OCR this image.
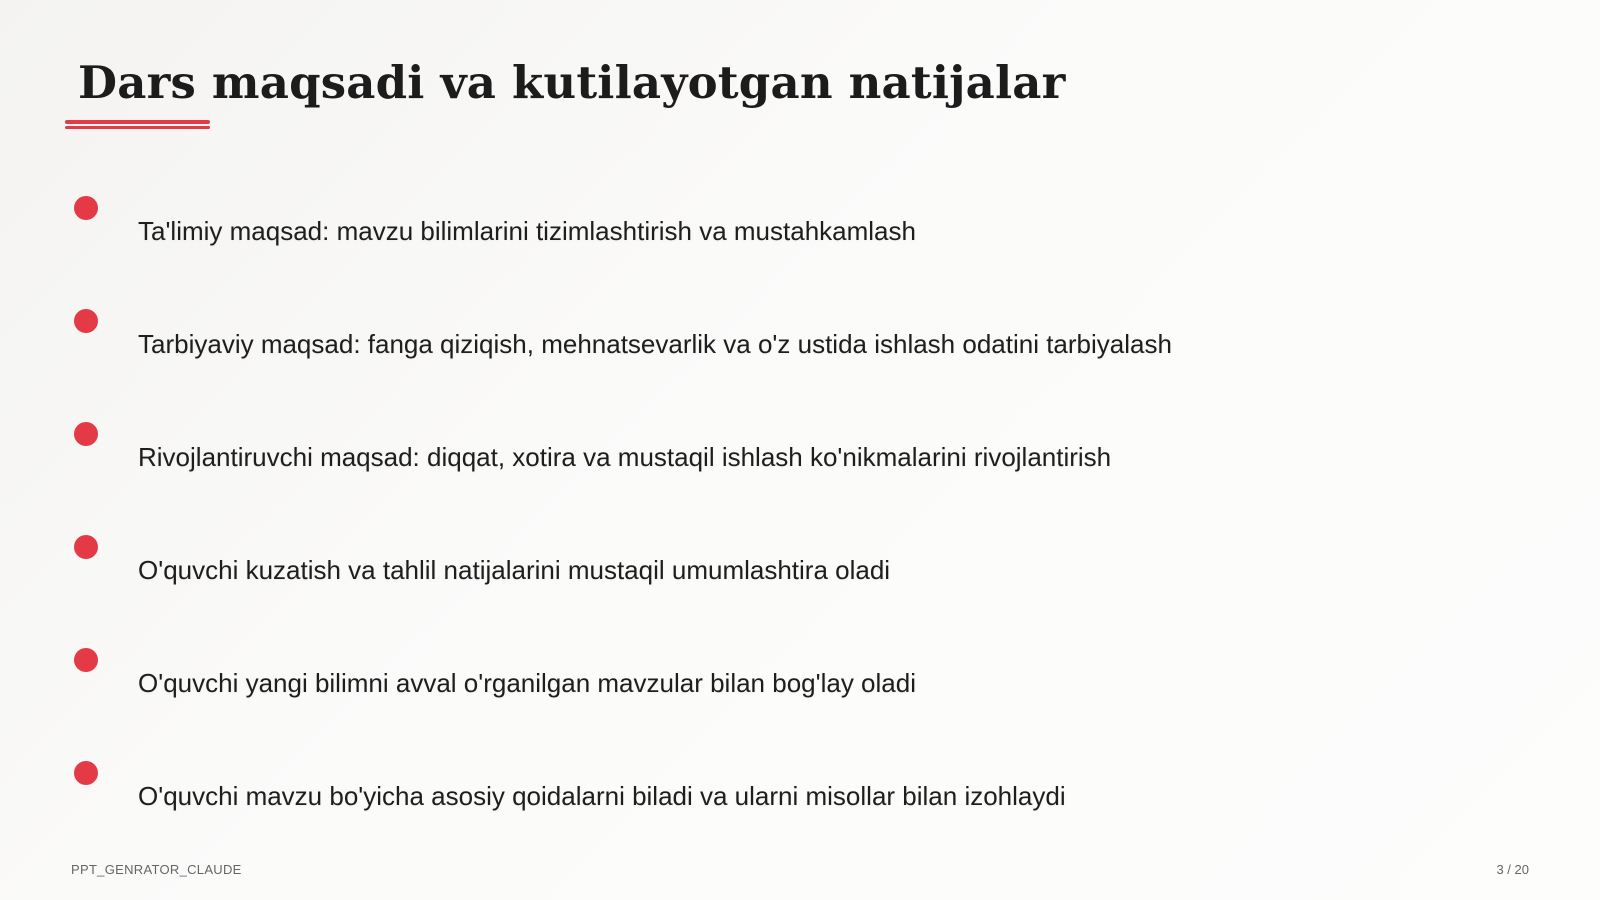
Dars maqsadi va kutilayotgan natijalar
Ta'limiy maqsad: mavzu bilimlarini tizimlashtirish va mustahkamlash
Tarbiyaviy maqsad: fanga qiziqish, mehnatsevarlik va o'z ustida ishlash odatini tarbiyalash
Rivojlantiruvchi maqsad: diqqat, xotira va mustaqil ishlash ko'nikmalarini rivojlantirish
O'quvchi kuzatish va tahlil natijalarini mustaqil umumlashtira oladi
O'quvchi yangi bilimni avval o'rganilgan mavzular bilan bog'lay oladi
O'quvchi mavzu bo'yicha asosiy qoidalarni biladi va ularni misollar bilan izohlaydi
PPT_GENRATOR_CLAUDE	3 / 20
